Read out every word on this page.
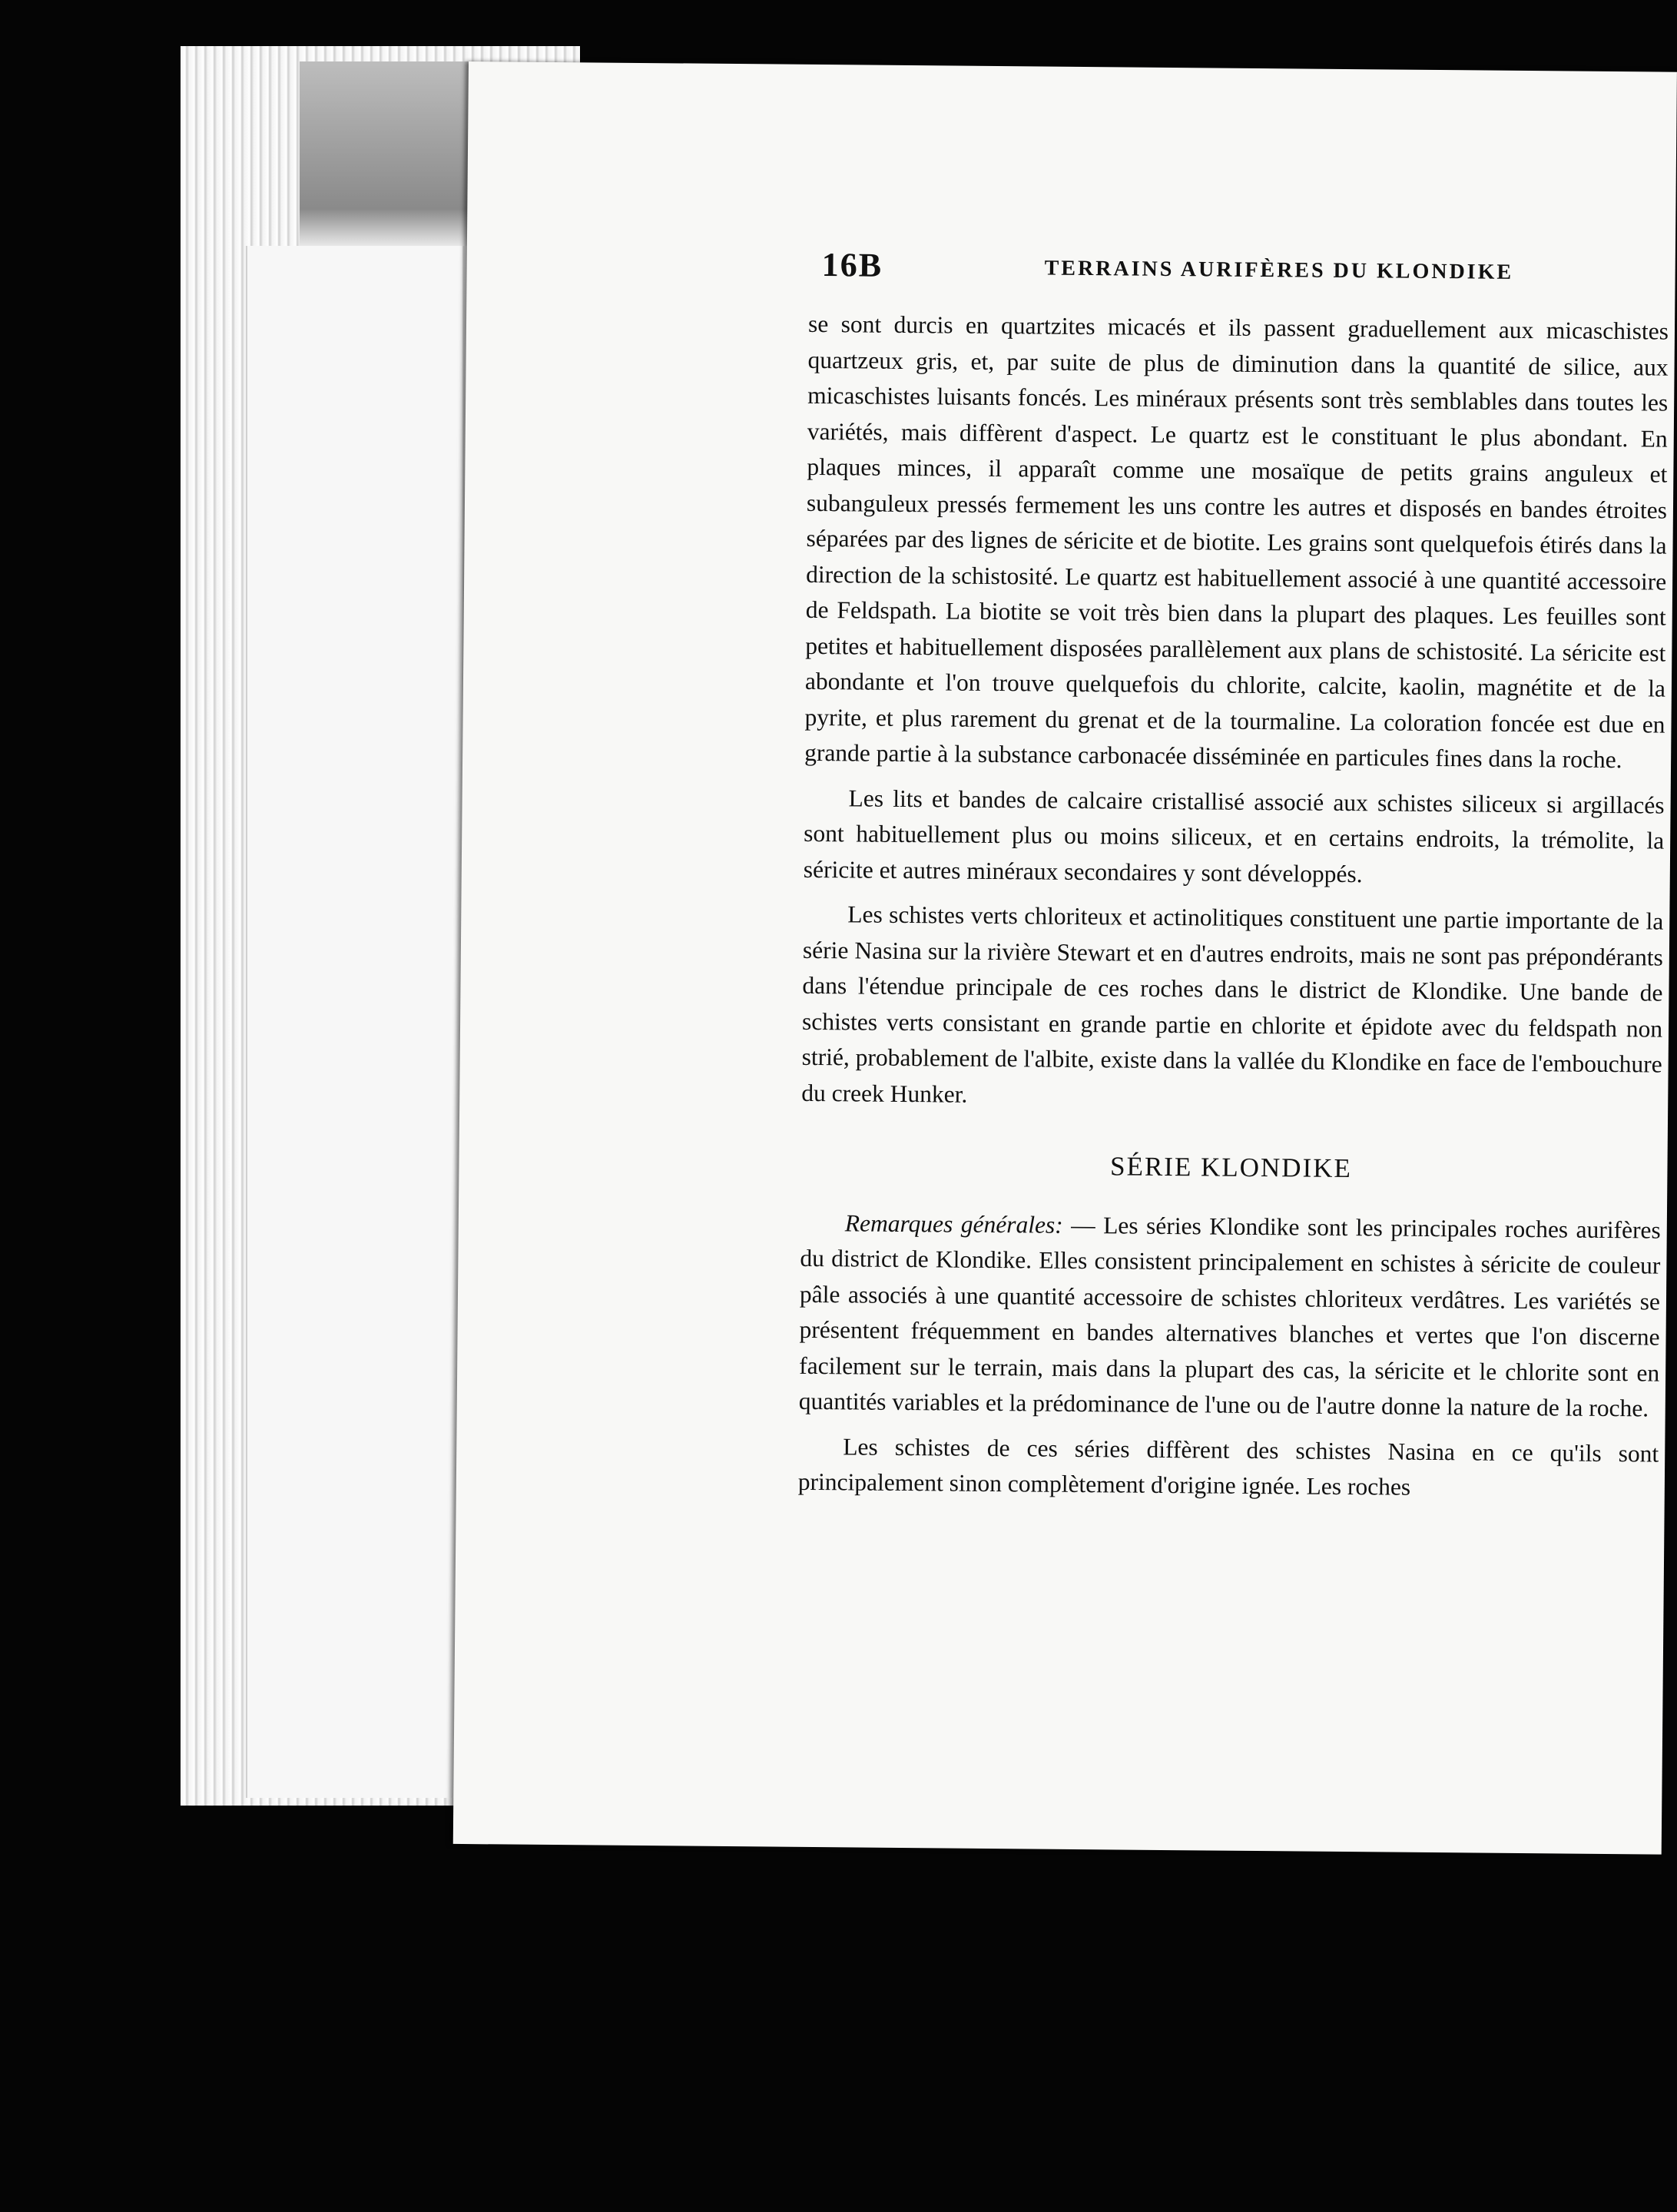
16B	TERRAINS AURIFÈRES DU KLONDIKE

se sont durcis en quartzites micacés et ils passent graduellement aux micaschistes quartzeux gris, et, par suite de plus de diminution dans la quantité de silice, aux micaschistes luisants foncés. Les minéraux présents sont très semblables dans toutes les variétés, mais diffèrent d'aspect. Le quartz est le constituant le plus abondant. En plaques minces, il apparaît comme une mosaïque de petits grains anguleux et subanguleux pressés fermement les uns contre les autres et disposés en bandes étroites séparées par des lignes de séricite et de biotite. Les grains sont quelquefois étirés dans la direction de la schistosité. Le quartz est habituellement associé à une quantité accessoire de Feldspath. La biotite se voit très bien dans la plupart des plaques. Les feuilles sont petites et habituellement disposées parallèlement aux plans de schistosité. La séricite est abondante et l'on trouve quelquefois du chlorite, calcite, kaolin, magnétite et de la pyrite, et plus rarement du grenat et de la tourmaline. La coloration foncée est due en grande partie à la substance carbonacée disséminée en particules fines dans la roche.

Les lits et bandes de calcaire cristallisé associé aux schistes siliceux si argillacés sont habituellement plus ou moins siliceux, et en certains endroits, la trémolite, la séricite et autres minéraux secondaires y sont développés.

Les schistes verts chloriteux et actinolitiques constituent une partie importante de la série Nasina sur la rivière Stewart et en d'autres endroits, mais ne sont pas prépondérants dans l'étendue principale de ces roches dans le district de Klondike. Une bande de schistes verts consistant en grande partie en chlorite et épidote avec du feldspath non strié, probablement de l'albite, existe dans la vallée du Klondike en face de l'embouchure du creek Hunker.

SÉRIE KLONDIKE

Remarques générales: — Les séries Klondike sont les principales roches aurifères du district de Klondike. Elles consistent principalement en schistes à séricite de couleur pâle associés à une quantité accessoire de schistes chloriteux verdâtres. Les variétés se présentent fréquemment en bandes alternatives blanches et vertes que l'on discerne facilement sur le terrain, mais dans la plupart des cas, la séricite et le chlorite sont en quantités variables et la prédominance de l'une ou de l'autre donne la nature de la roche.

Les schistes de ces séries diffèrent des schistes Nasina en ce qu'ils sont principalement sinon complètement d'origine ignée. Les roches
